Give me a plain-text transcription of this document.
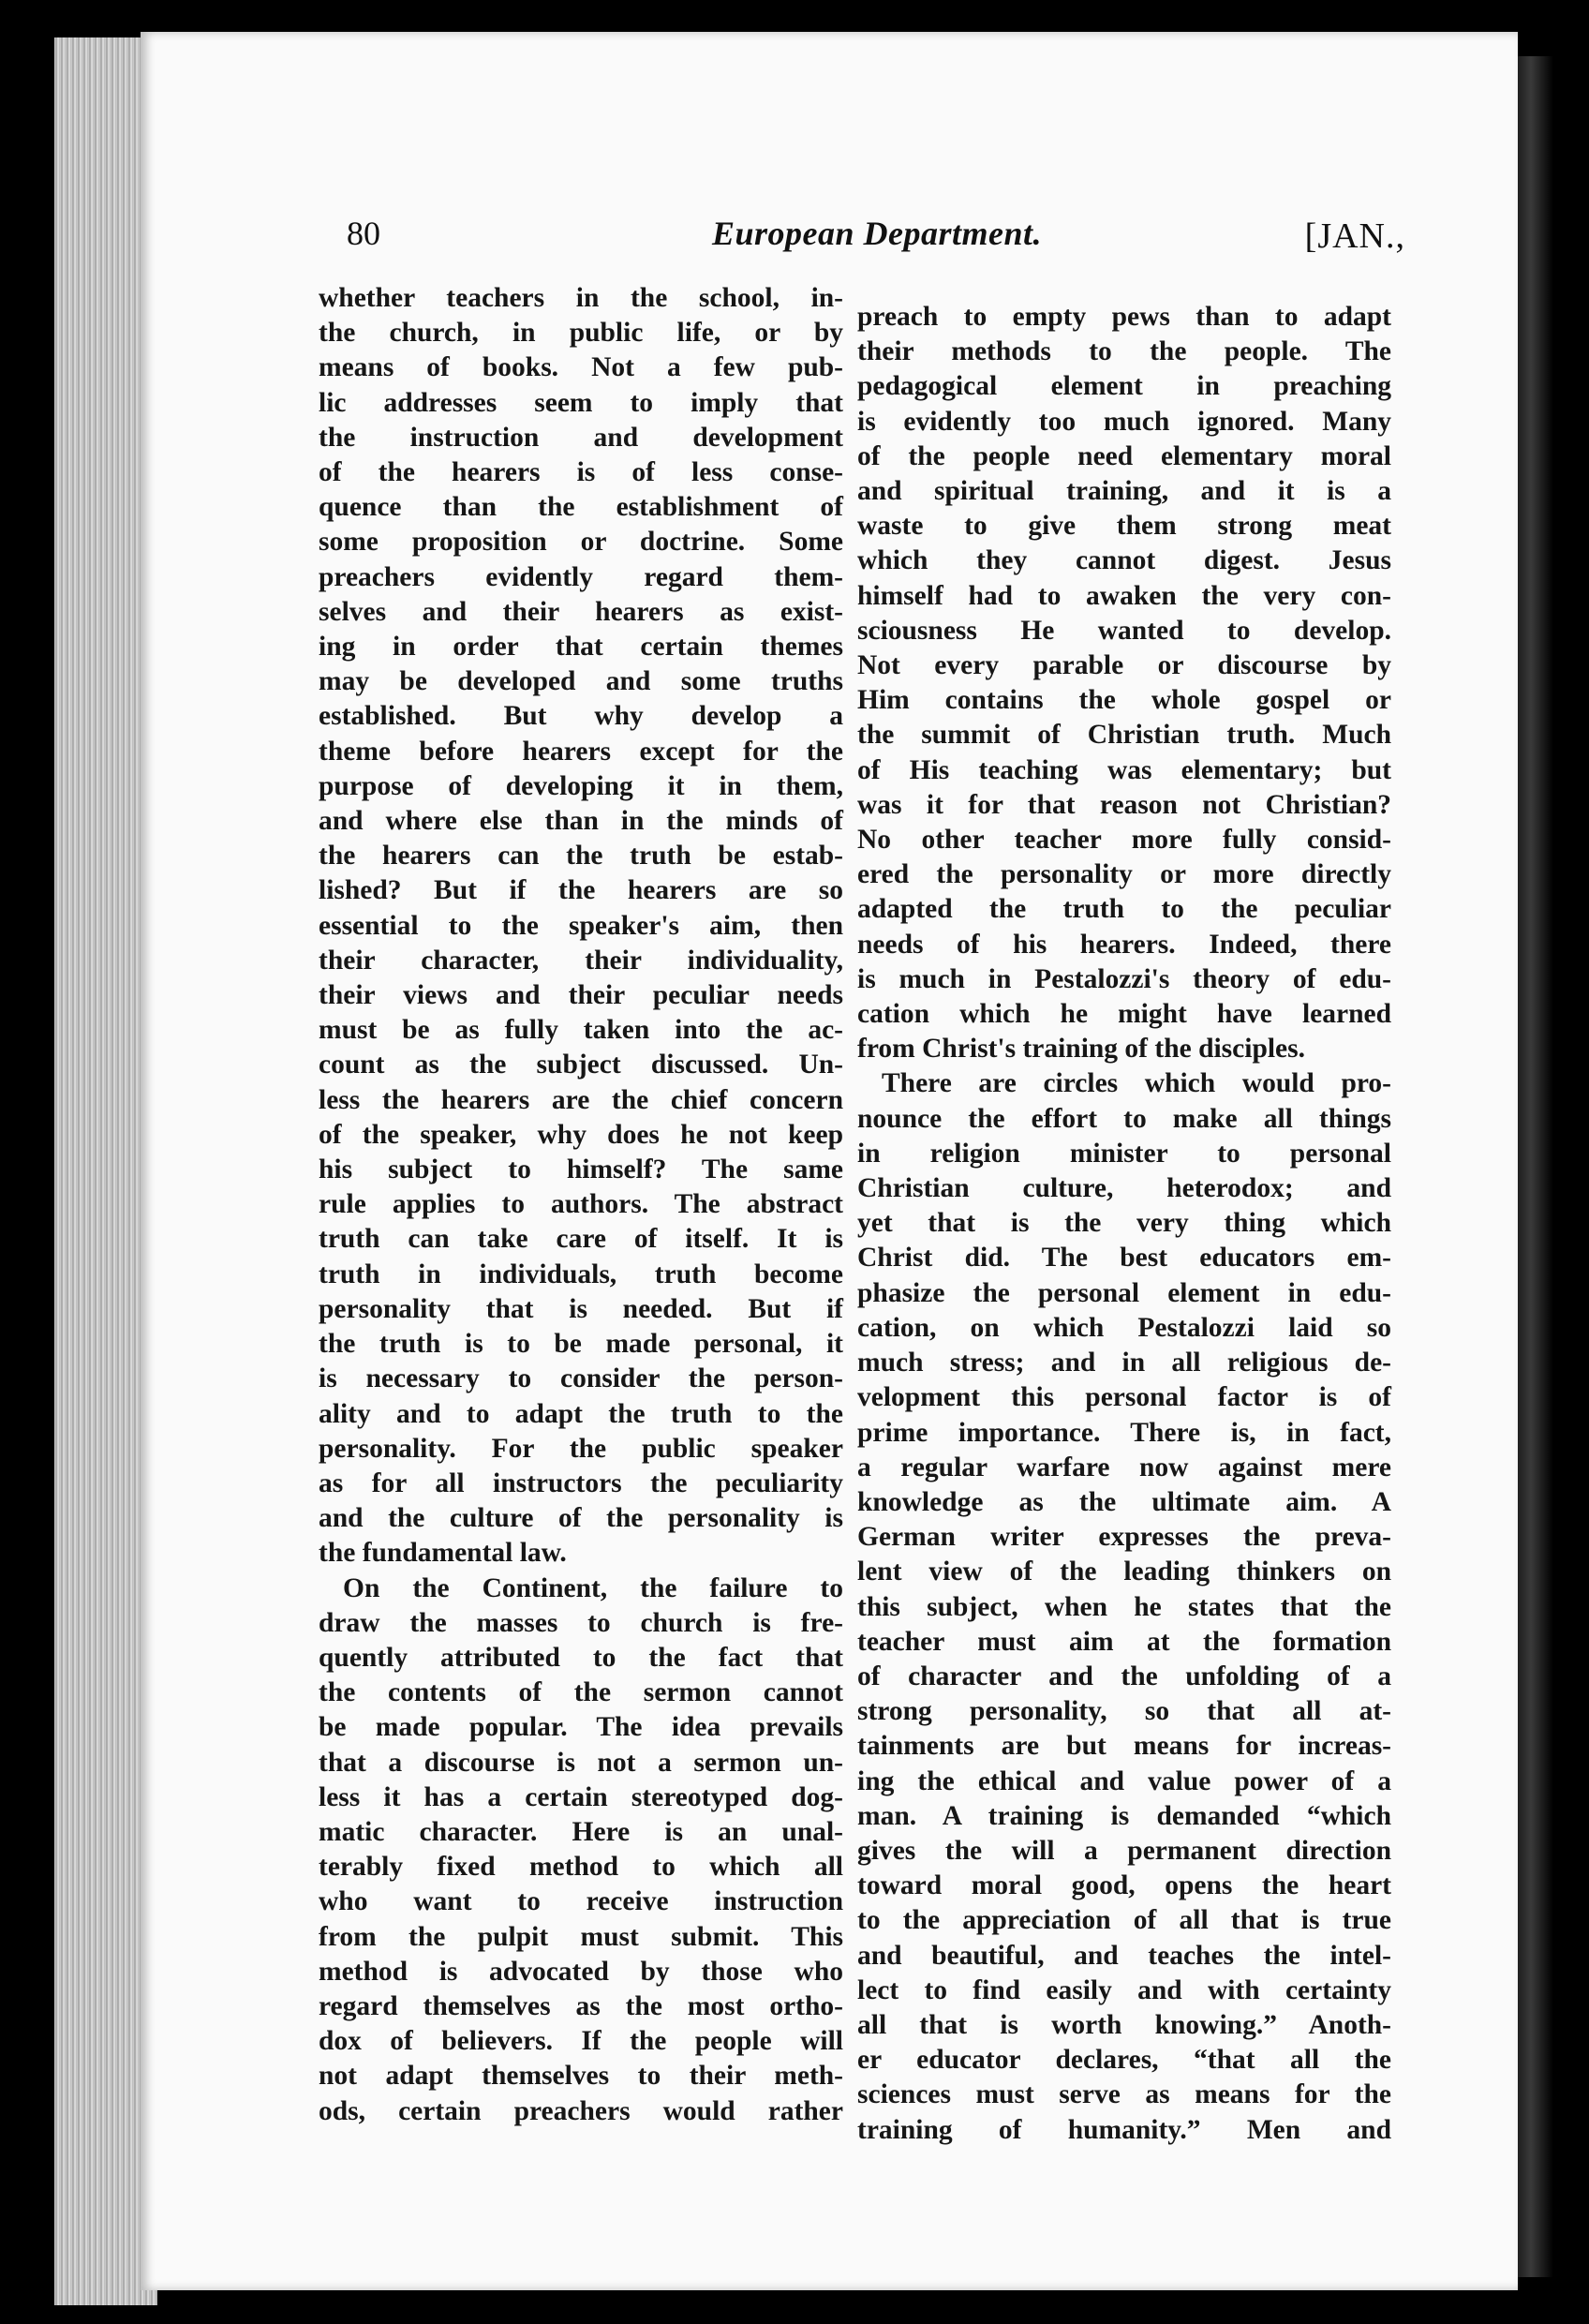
80	European Department.	[JAN.,
whether teachers in the school, in-
the church, in public life, or by
means of books. Not a few pub-
lic addresses seem to imply that
the instruction and development
of the hearers is of less conse-
quence than the establishment of
some proposition or doctrine. Some
preachers evidently regard them-
selves and their hearers as exist-
ing in order that certain themes
may be developed and some truths
established. But why develop a
theme before hearers except for the
purpose of developing it in them,
and where else than in the minds of
the hearers can the truth be estab-
lished? But if the hearers are so
essential to the speaker's aim, then
their character, their individuality,
their views and their peculiar needs
must be as fully taken into the ac-
count as the subject discussed. Un-
less the hearers are the chief concern
of the speaker, why does he not keep
his subject to himself? The same
rule applies to authors. The abstract
truth can take care of itself. It is
truth in individuals, truth become
personality that is needed. But if
the truth is to be made personal, it
is necessary to consider the person-
ality and to adapt the truth to the
personality. For the public speaker
as for all instructors the peculiarity
and the culture of the personality is
the fundamental law.
On the Continent, the failure to
draw the masses to church is fre-
quently attributed to the fact that
the contents of the sermon cannot
be made popular. The idea prevails
that a discourse is not a sermon un-
less it has a certain stereotyped dog-
matic character. Here is an unal-
terably fixed method to which all
who want to receive instruction
from the pulpit must submit. This
method is advocated by those who
regard themselves as the most ortho-
dox of believers. If the people will
not adapt themselves to their meth-
ods, certain preachers would rather
preach to empty pews than to adapt
their methods to the people. The
pedagogical element in preaching
is evidently too much ignored. Many
of the people need elementary moral
and spiritual training, and it is a
waste to give them strong meat
which they cannot digest. Jesus
himself had to awaken the very con-
sciousness He wanted to develop.
Not every parable or discourse by
Him contains the whole gospel or
the summit of Christian truth. Much
of His teaching was elementary; but
was it for that reason not Christian?
No other teacher more fully consid-
ered the personality or more directly
adapted the truth to the peculiar
needs of his hearers. Indeed, there
is much in Pestalozzi's theory of edu-
cation which he might have learned
from Christ's training of the disciples.
There are circles which would pro-
nounce the effort to make all things
in religion minister to personal
Christian culture, heterodox; and
yet that is the very thing which
Christ did. The best educators em-
phasize the personal element in edu-
cation, on which Pestalozzi laid so
much stress; and in all religious de-
velopment this personal factor is of
prime importance. There is, in fact,
a regular warfare now against mere
knowledge as the ultimate aim. A
German writer expresses the preva-
lent view of the leading thinkers on
this subject, when he states that the
teacher must aim at the formation
of character and the unfolding of a
strong personality, so that all at-
tainments are but means for increas-
ing the ethical and value power of a
man. A training is demanded “which
gives the will a permanent direction
toward moral good, opens the heart
to the appreciation of all that is true
and beautiful, and teaches the intel-
lect to find easily and with certainty
all that is worth knowing.” Anoth-
er educator declares, “that all the
sciences must serve as means for the
training of humanity.” Men and
